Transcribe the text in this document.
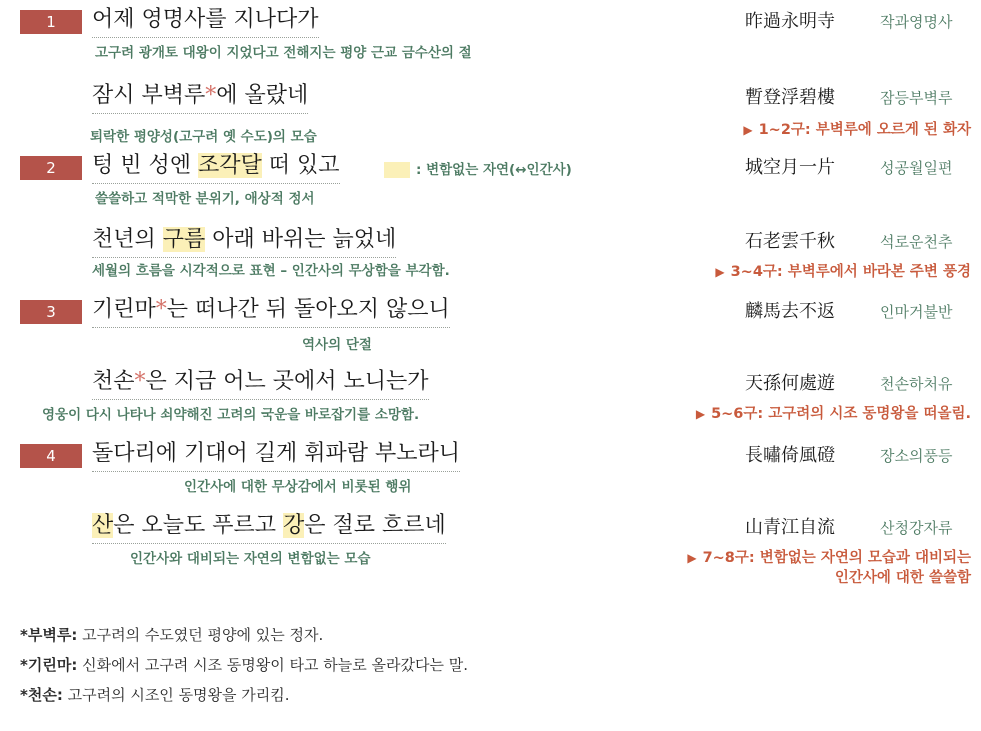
1	어제 영명사를 지나다가	昨過永明寺	작과영명사
고구려 광개토 대왕이 지었다고 전해지는 평양 근교 금수산의 절
잠시 부벽루*에 올랐네	暫登浮碧樓	잠등부벽루
퇴락한 평양성(고구려 옛 수도)의 모습	▶ 1~2구: 부벽루에 오르게 된 화자
2	텅 빈 성엔 조각달 떠 있고	: 변함없는 자연(↔인간사)	城空月一片	성공월일편
쓸쓸하고 적막한 분위기, 애상적 정서
천년의 구름 아래 바위는 늙었네	石老雲千秋	석로운천추
세월의 흐름을 시각적으로 표현 – 인간사의 무상함을 부각함.	▶ 3~4구: 부벽루에서 바라본 주변 풍경
3	기린마*는 떠나간 뒤 돌아오지 않으니	麟馬去不返	인마거불반
역사의 단절
천손*은 지금 어느 곳에서 노니는가	天孫何處遊	천손하처유
영웅이 다시 나타나 쇠약해진 고려의 국운을 바로잡기를 소망함.	▶ 5~6구: 고구려의 시조 동명왕을 떠올림.
4	돌다리에 기대어 길게 휘파람 부노라니	長嘯倚風磴	장소의풍등
인간사에 대한 무상감에서 비롯된 행위
산은 오늘도 푸르고 강은 절로 흐르네	山青江自流	산청강자류
인간사와 대비되는 자연의 변함없는 모습	▶ 7~8구: 변함없는 자연의 모습과 대비되는
인간사에 대한 쓸쓸함
*부벽루: 고구려의 수도였던 평양에 있는 정자.
*기린마: 신화에서 고구려 시조 동명왕이 타고 하늘로 올라갔다는 말.
*천손: 고구려의 시조인 동명왕을 가리킴.
